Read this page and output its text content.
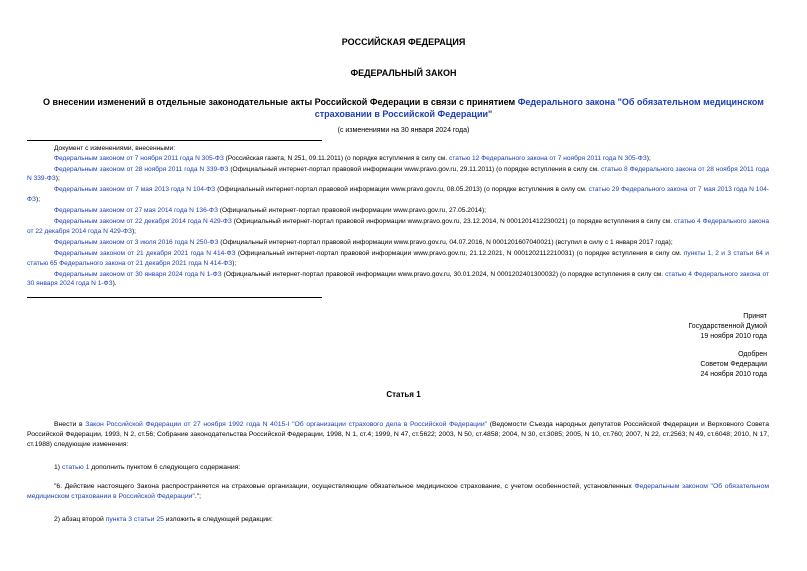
РОССИЙСКАЯ ФЕДЕРАЦИЯ
ФЕДЕРАЛЬНЫЙ ЗАКОН
О внесении изменений в отдельные законодательные акты Российской Федерации в связи с принятием Федерального закона "Об обязательном медицинском страховании в Российской Федерации"
(с изменениями на 30 января 2024 года)

Документ с изменениями, внесенными:

Федеральным законом от 7 ноября 2011 года N 305-ФЗ (Российская газета, N 251, 09.11.2011) (о порядке вступления в силу см. статью 12 Федерального закона от 7 ноября 2011 года N 305-ФЗ);

Федеральным законом от 28 ноября 2011 года N 339-ФЗ (Официальный интернет-портал правовой информации www.pravo.gov.ru, 29.11.2011) (о порядке вступления в силу см. статью 8 Федерального закона от 28 ноября 2011 года N 339-ФЗ);

Федеральным законом от 7 мая 2013 года N 104-ФЗ (Официальный интернет-портал правовой информации www.pravo.gov.ru, 08.05.2013) (о порядке вступления в силу см. статью 29 Федерального закона от 7 мая 2013 года N 104-ФЗ);

Федеральным законом от 27 мая 2014 года N 136-ФЗ (Официальный интернет-портал правовой информации www.pravo.gov.ru, 27.05.2014);

Федеральным законом от 22 декабря 2014 года N 429-ФЗ (Официальный интернет-портал правовой информации www.pravo.gov.ru, 23.12.2014, N 0001201412230021) (о порядке вступления в силу см. статью 4 Федерального закона от 22 декабря 2014 года N 429-ФЗ);

Федеральным законом от 3 июля 2016 года N 250-ФЗ (Официальный интернет-портал правовой информации www.pravo.gov.ru, 04.07.2016, N 0001201607040021) (вступил в силу с 1 января 2017 года);

Федеральным законом от 21 декабря 2021 года N 414-ФЗ (Официальный интернет-портал правовой информации www.pravo.gov.ru, 21.12.2021, N 0001202112210031) (о порядке вступления в силу см. пункты 1, 2 и 3 статьи 64 и статью 65 Федерального закона от 21 декабря 2021 года N 414-ФЗ);

Федеральным законом от 30 января 2024 года N 1-ФЗ (Официальный интернет-портал правовой информации www.pravo.gov.ru, 30.01.2024, N 0001202401300032) (о порядке вступления в силу см. статью 4 Федерального закона от 30 января 2024 года N 1-ФЗ).

Принят
Государственной Думой
19 ноября 2010 года
Одобрен
Советом Федерации
24 ноября 2010 года
Статья 1

Внести в Закон Российской Федерации от 27 ноября 1992 года N 4015-I "Об организации страхового дела в Российской Федерации" (Ведомости Съезда народных депутатов Российской Федерации и Верховного Совета Российской Федерации, 1993, N 2, ст.56; Собрание законодательства Российской Федерации, 1998, N 1, ст.4; 1999, N 47, ст.5622; 2003, N 50, ст.4858; 2004, N 30, ст.3085; 2005, N 10, ст.760; 2007, N 22, ст.2563; N 49, ст.6048; 2010, N 17, ст.1988) следующие изменения:

1) статью 1 дополнить пунктом 6 следующего содержания:

"6. Действие настоящего Закона распространяется на страховые организации, осуществляющие обязательное медицинское страхование, с учетом особенностей, установленных Федеральным законом "Об обязательном медицинском страховании в Российской Федерации".";

2) абзац второй пункта 3 статьи 25 изложить в следующей редакции:
